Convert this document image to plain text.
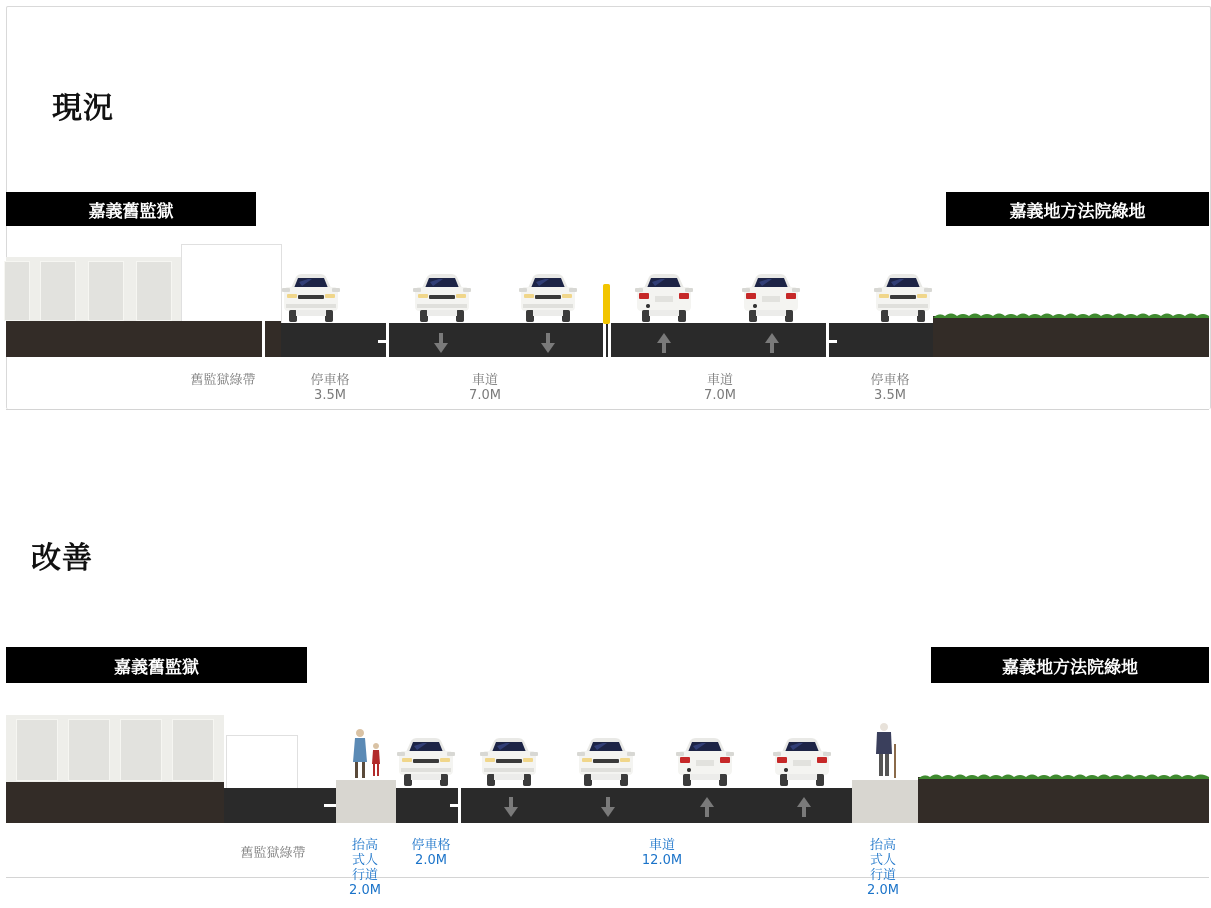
現況
嘉義舊監獄	嘉義地方法院綠地
舊監獄綠帶	停車格
3.5M
車道
7.0M
車道
7.0M
停車格
3.5M
改善
嘉義舊監獄	嘉義地方法院綠地
舊監獄綠帶
抬高
式人
行道
2.0M
停車格
2.0M
車道
12.0M
抬高
式人
行道
2.0M
